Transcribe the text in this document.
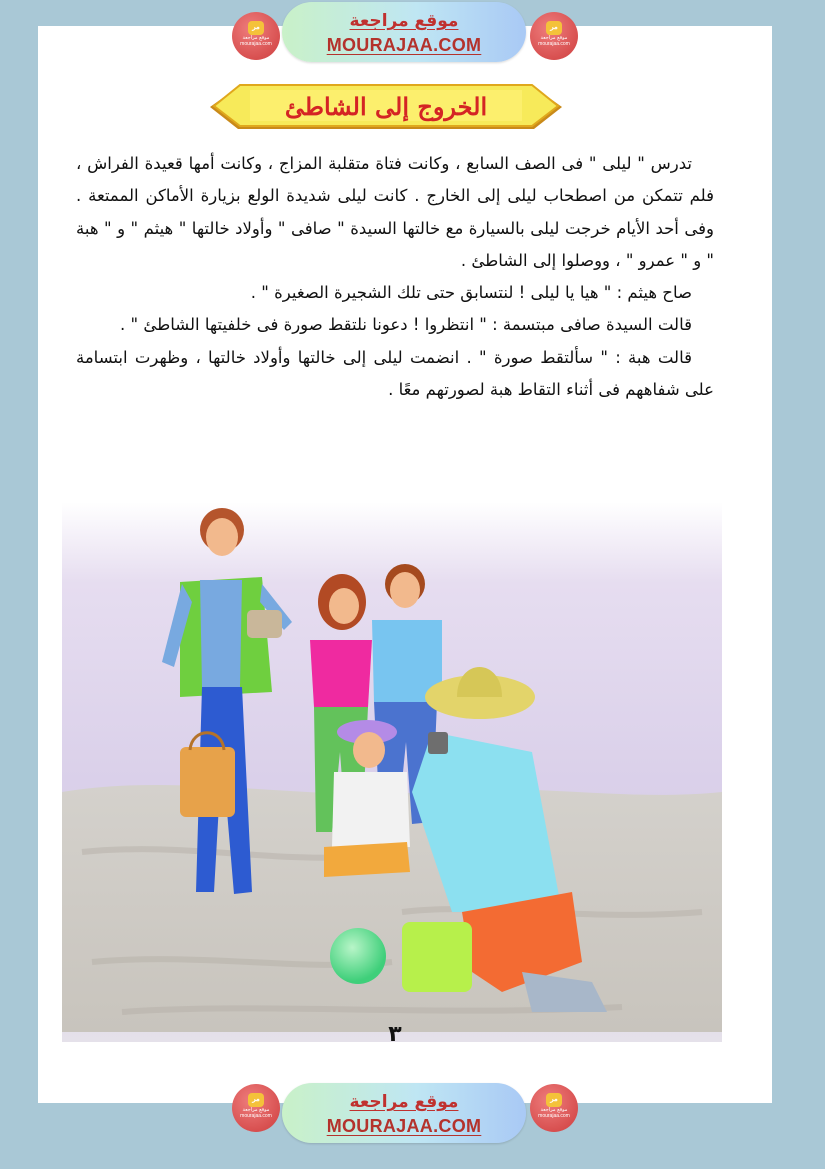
مر
موقع مراجعة
mourajaa.com
موقع مراجعة
MOURAJAA.COM
مر
موقع مراجعة
mourajaa.com
الخروج إلى الشاطئ

تدرس " ليلى " فى الصف السابع ، وكانت فتاة متقلبة المزاج ، وكانت أمها قعيدة الفراش ، فلم تتمكن من اصطحاب ليلى إلى الخارج . كانت ليلى شديدة الولع بزيارة الأماكن الممتعة . وفى أحد الأيام خرجت ليلى بالسيارة مع خالتها السيدة " صافى " وأولاد خالتها " هيثم " و " هبة " و " عمرو " ، ووصلوا إلى الشاطئ .

صاح هيثم : " هيا يا ليلى ! لنتسابق حتى تلك الشجيرة الصغيرة " .

قالت السيدة صافى مبتسمة : " انتظروا ! دعونا نلتقط صورة فى خلفيتها الشاطئ " .

قالت هبة : " سألتقط صورة " . انضمت ليلى إلى خالتها وأولاد خالتها ، وظهرت ابتسامة على شفاههم فى أثناء التقاط هبة لصورتهم معًا .

٣
مر
موقع مراجعة
mourajaa.com
موقع مراجعة
MOURAJAA.COM
مر
موقع مراجعة
mourajaa.com
